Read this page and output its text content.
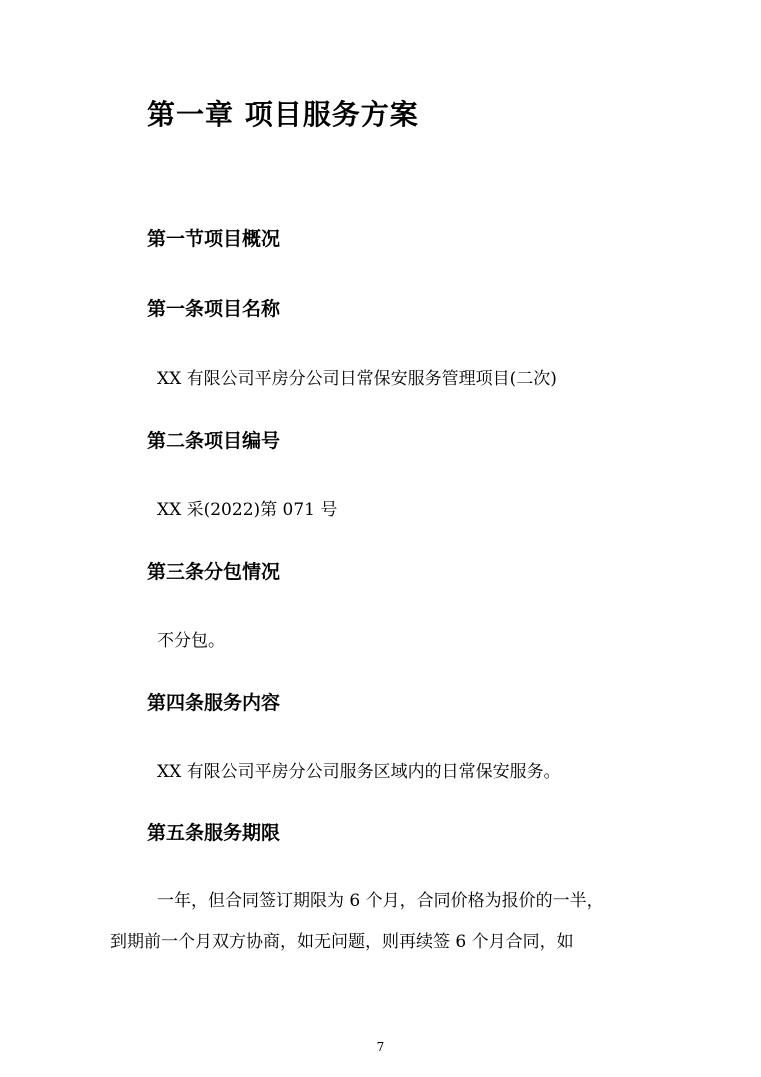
第一章 项目服务方案
第一节项目概况
第一条项目名称
XX 有限公司平房分公司日常保安服务管理项目(二次)
第二条项目编号
XX 采(2022)第 071 号
第三条分包情况
不分包。
第四条服务内容
XX 有限公司平房分公司服务区域内的日常保安服务。
第五条服务期限
一年，但合同签订期限为 6 个月，合同价格为报价的一半，
到期前一个月双方协商，如无问题，则再续签 6 个月合同，如
7
